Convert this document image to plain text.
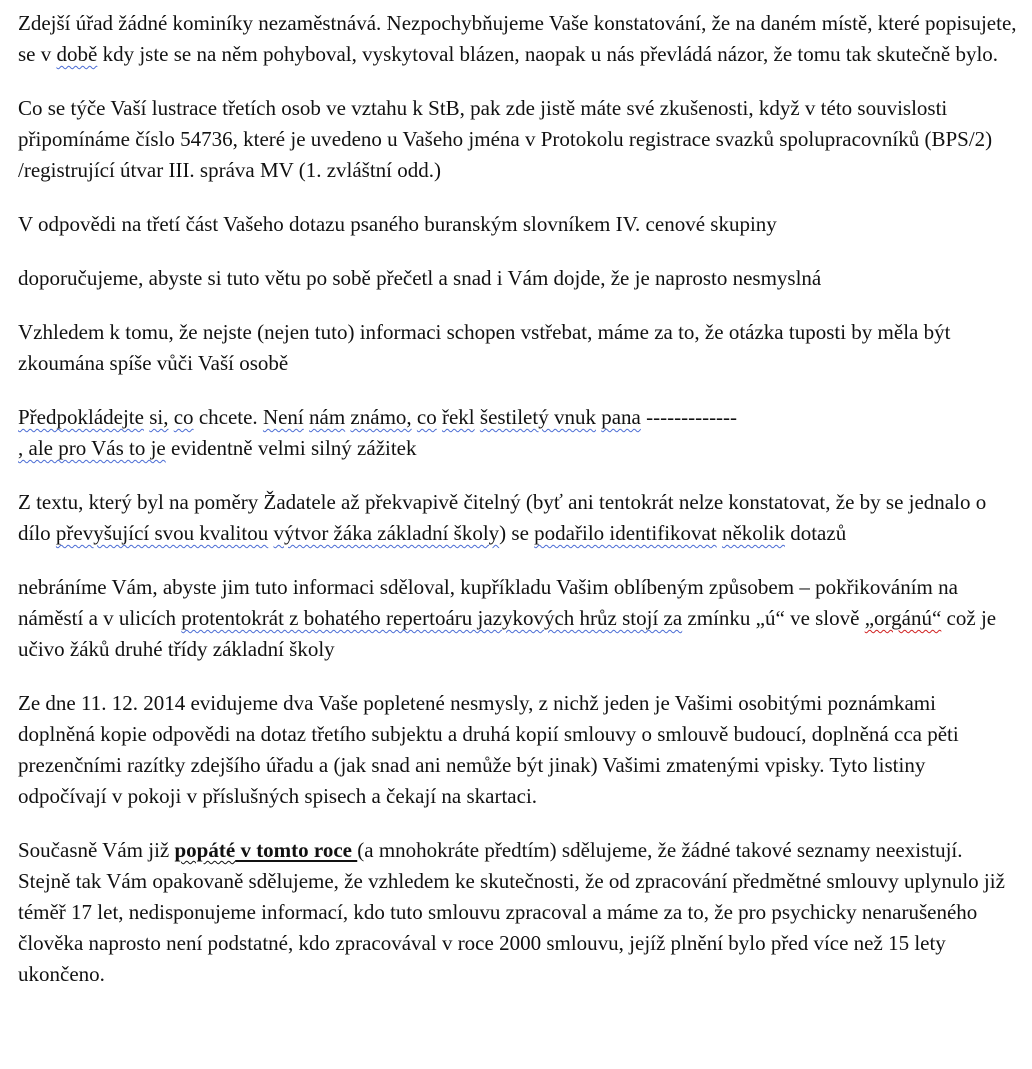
Zdejší úřad žádné kominíky nezaměstnává. Nezpochybňujeme Vaše konstatování, že na daném místě, které popisujete, se v době kdy jste se na něm pohyboval, vyskytoval blázen, naopak u nás převládá názor, že tomu tak skutečně bylo.

Co se týče Vaší lustrace třetích osob ve vztahu k StB, pak zde jistě máte své zkušenosti, když v této souvislosti připomínáme číslo 54736, které je uvedeno u Vašeho jména v Protokolu registrace svazků spolupracovníků (BPS/2) /registrující útvar III. správa MV (1. zvláštní odd.)

V odpovědi na třetí část Vašeho dotazu psaného buranským slovníkem IV. cenové skupiny

doporučujeme, abyste si tuto větu po sobě přečetl a snad i Vám dojde, že je naprosto nesmyslná

Vzhledem k tomu, že nejste (nejen tuto) informaci schopen vstřebat, máme za to, že otázka tuposti by měla být zkoumána spíše vůči Vaší osobě

Předpokládejte si, co chcete. Není nám známo, co řekl šestiletý vnuk pana -------------
, ale pro Vás to je evidentně velmi silný zážitek

Z textu, který byl na poměry Žadatele až překvapivě čitelný (byť ani tentokrát nelze konstatovat, že by se jednalo o dílo převyšující svou kvalitou výtvor žáka základní školy) se podařilo identifikovat několik dotazů

nebráníme Vám, abyste jim tuto informaci sděloval, kupříkladu Vašim oblíbeným způsobem – pokřikováním na náměstí a v ulicích protentokrát z bohatého repertoáru jazykových hrůz stojí za zmínku „ú“ ve slově „orgánú“ což je učivo žáků druhé třídy základní školy

Ze dne 11. 12. 2014 evidujeme dva Vaše popletené nesmysly, z nichž jeden je Vašimi osobitými poznámkami doplněná kopie odpovědi na dotaz třetího subjektu a druhá kopií smlouvy o smlouvě budoucí, doplněná cca pěti prezenčními razítky zdejšího úřadu a (jak snad ani nemůže být jinak) Vašimi zmatenými vpisky. Tyto listiny odpočívají v pokoji v příslušných spisech a čekají na skartaci.

Současně Vám již popáté v tomto roce (a mnohokráte předtím) sdělujeme, že žádné takové seznamy neexistují. Stejně tak Vám opakovaně sdělujeme, že vzhledem ke skutečnosti, že od zpracování předmětné smlouvy uplynulo již téměř 17 let, nedisponujeme informací, kdo tuto smlouvu zpracoval a máme za to, že pro psychicky nenarušeného člověka naprosto není podstatné, kdo zpracovával v roce 2000 smlouvu, jejíž plnění bylo před více než 15 lety ukončeno.
